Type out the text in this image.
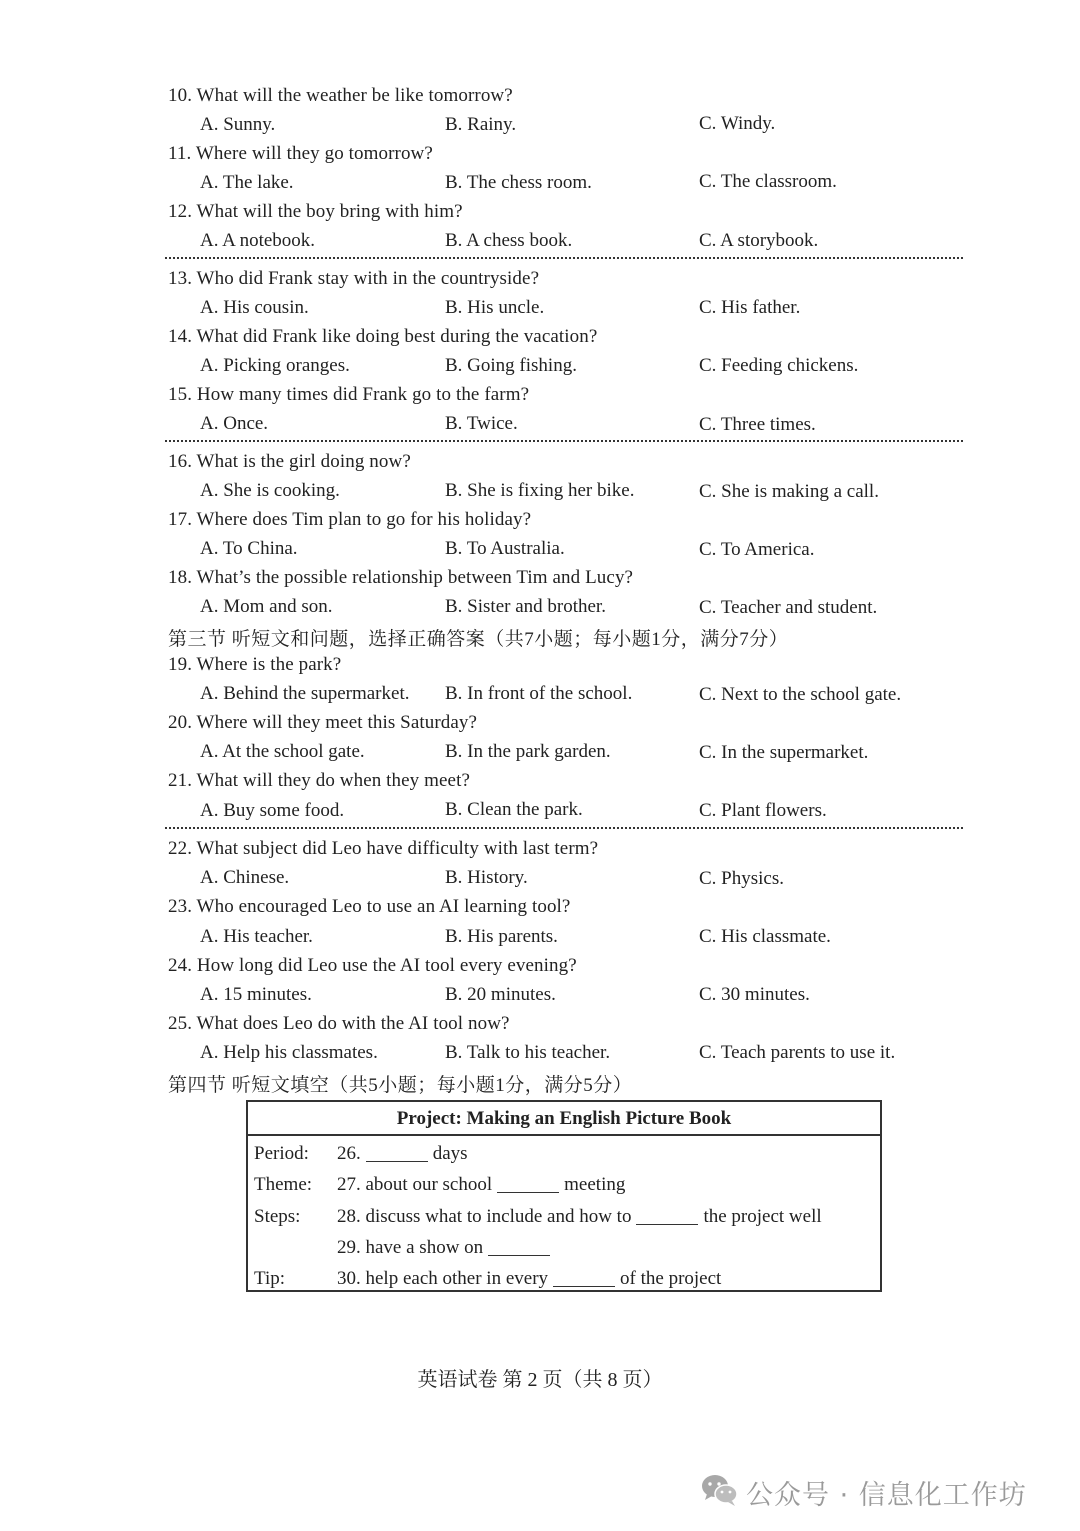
10. What will the weather be like tomorrow?
A. Sunny.	B. Rainy.	C. Windy.
11. Where will they go tomorrow?
A. The lake.	B. The chess room.	C. The classroom.
12. What will the boy bring with him?
A. A notebook.	B. A chess book.	C. A storybook.
13. Who did Frank stay with in the countryside?
A. His cousin.	B. His uncle.	C. His father.
14. What did Frank like doing best during the vacation?
A. Picking oranges.	B. Going fishing.	C. Feeding chickens.
15. How many times did Frank go to the farm?
A. Once.	B. Twice.	C. Three times.
16. What is the girl doing now?
A. She is cooking.	B. She is fixing her bike.	C. She is making a call.
17. Where does Tim plan to go for his holiday?
A. To China.	B. To Australia.	C. To America.
18. What’s the possible relationship between Tim and Lucy?
A. Mom and son.	B. Sister and brother.	C. Teacher and student.
第三节 听短文和问题，选择正确答案（共7小题；每小题1分，满分7分）
19. Where is the park?
A. Behind the supermarket. B. In front of the school.	C. Next to the school gate.
20. Where will they meet this Saturday?
A. At the school gate.	B. In the park garden.	C. In the supermarket.
21. What will they do when they meet?
A. Buy some food.	B. Clean the park.	C. Plant flowers.
22. What subject did Leo have difficulty with last term?
A. Chinese.	B. History.	C. Physics.
23. Who encouraged Leo to use an AI learning tool?
A. His teacher.	B. His parents.	C. His classmate.
24. How long did Leo use the AI tool every evening?
A. 15 minutes.	B. 20 minutes.	C. 30 minutes.
25. What does Leo do with the AI tool now?
A. Help his classmates.	B. Talk to his teacher.	C. Teach parents to use it.
第四节 听短文填空（共5小题；每小题1分，满分5分）
Project: Making an English Picture Book
Period: 26.	days
Theme: 27. about our school	meeting
Steps: 28. discuss what to include and how to	the project well
29. have a show on
Tip:	30. help each other in every	of the project
英语试卷 第 2 页（共 8 页）
公众号 · 信息化工作坊
